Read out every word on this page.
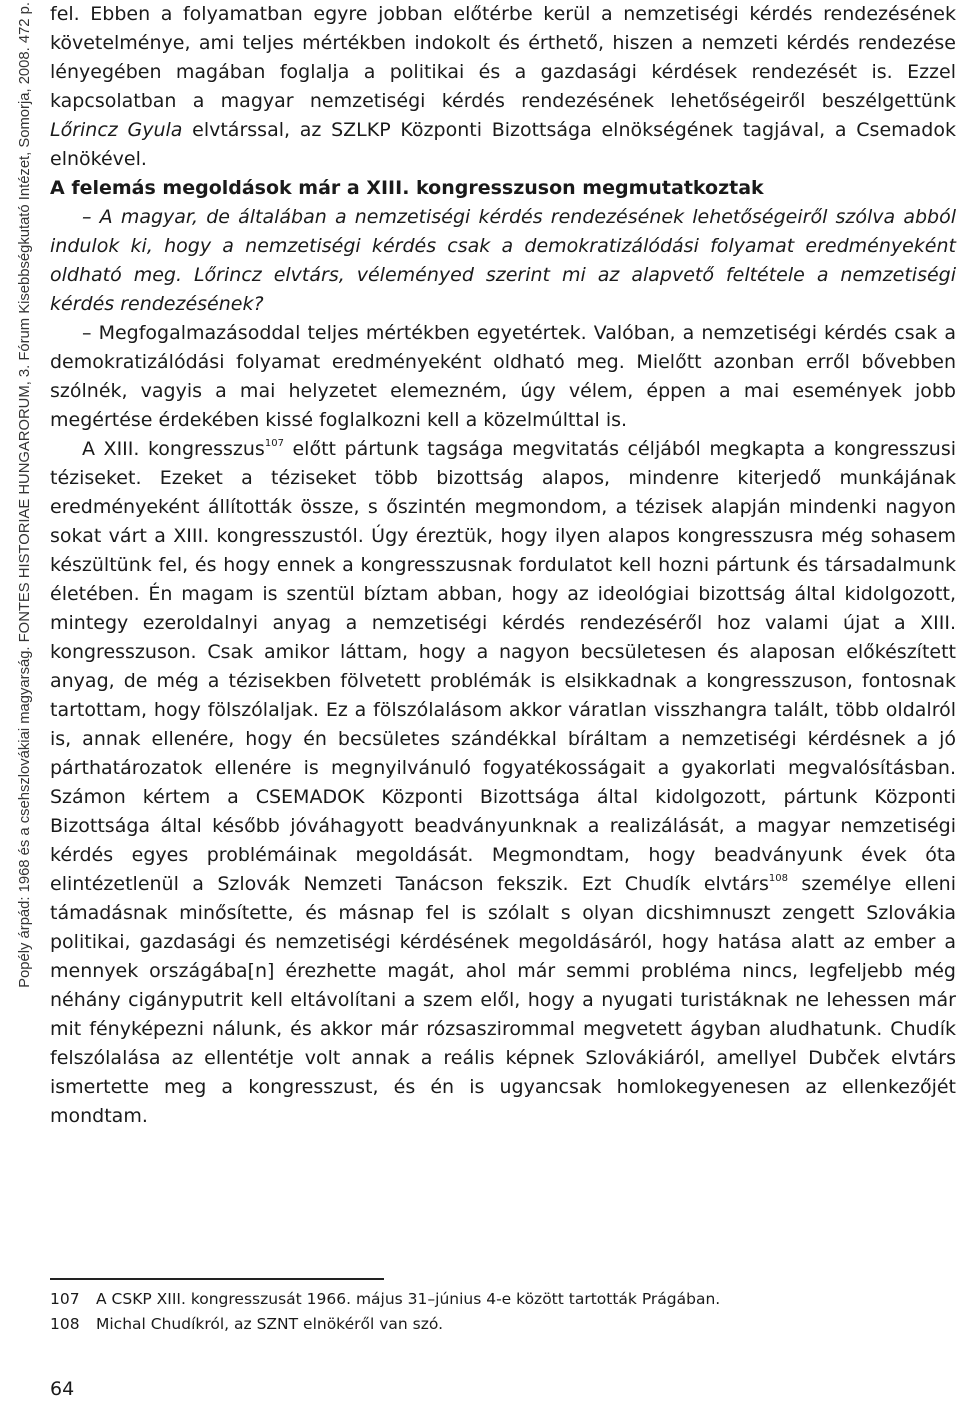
Popély árpád: 1968 és a csehszlovákiai magyarság. FONTES HISTORIAE HUNGARORUM, 3. Fórum Kisebbségkutató Intézet, Somorja, 2008. 472 p. fel. Ebben a folyamatban egyre jobban előtérbe kerül a nemzetiségi kérdés rendezésének követelménye, ami teljes mértékben indokolt és érthető, hiszen a nemzeti kérdés rendezése lényegében magában foglalja a politikai és a gazdasági kérdések rendezését is. Ezzel kapcsolatban a magyar nemzetiségi kérdés rendezésének lehetőségeiről beszélgettünk Lőrincz Gyula elvtárssal, az SZLKP Központi Bizottsága elnökségének tagjával, a Csemadok elnökével.

A felemás megoldások már a XIII. kongresszuson megmutatkoztak

– A magyar, de általában a nemzetiségi kérdés rendezésének lehetőségeiről szólva abból indulok ki, hogy a nemzetiségi kérdés csak a demokratizálódási folyamat eredményeként oldható meg. Lőrincz elvtárs, véleményed szerint mi az alapvető feltétele a nemzetiségi kérdés rendezésének?

– Megfogalmazásoddal teljes mértékben egyetértek. Valóban, a nemzetiségi kérdés csak a demokratizálódási folyamat eredményeként oldható meg. Mielőtt azonban erről bővebben szólnék, vagyis a mai helyzetet elemezném, úgy vélem, éppen a mai események jobb megértése érdekében kissé foglalkozni kell a közelmúlttal is.

A XIII. kongresszus$^{107}$ előtt pártunk tagsága megvitatás céljából megkapta a kongresszusi téziseket. Ezeket a téziseket több bizottság alapos, mindenre kiterjedő munkájának eredményeként állították össze, s őszintén megmondom, a tézisek alapján mindenki nagyon sokat várt a XIII. kongresszustól. Úgy éreztük, hogy ilyen alapos kongresszusra még sohasem készültünk fel, és hogy ennek a kongresszusnak fordulatot kell hozni pártunk és társadalmunk életében. Én magam is szentül bíztam abban, hogy az ideológiai bizottság által kidolgozott, mintegy ezeroldalnyi anyag a nemzetiségi kérdés rendezéséről hoz valami újat a XIII. kongresszuson. Csak amikor láttam, hogy a nagyon becsületesen és alaposan előkészített anyag, de még a tézisekben fölvetett problémák is elsikkadnak a kongresszuson, fontosnak tartottam, hogy fölszólaljak. Ez a fölszólalásom akkor váratlan visszhangra talált, több oldalról is, annak ellenére, hogy én becsületes szándékkal bíráltam a nemzetiségi kérdésnek a jó párthatározatok ellenére is megnyilvánuló fogyatékosságait a gyakorlati megvalósításban. Számon kértem a CSEMADOK Központi Bizottsága által kidolgozott, pártunk Központi Bizottsága által később jóváhagyott beadványunknak a realizálását, a magyar nemzetiségi kérdés egyes problémáinak megoldását. Megmondtam, hogy beadványunk évek óta elintézetlenül a Szlovák Nemzeti Tanácson fekszik. Ezt Chudík elvtárs$^{108}$ személye elleni támadásnak minősítette, és másnap fel is szólalt s olyan dicshimnuszt zengett Szlovákia politikai, gazdasági és nemzetiségi kérdésének megoldásáról, hogy hatása alatt az ember a mennyek országába[n] érezhette magát, ahol már semmi probléma nincs, legfeljebb még néhány cigányputrit kell eltávolítani a szem elől, hogy a nyugati turistáknak ne lehessen már mit fényképezni nálunk, és akkor már rózsaszirommal megvetett ágyban aludhatunk. Chudík felszólalása az ellentétje volt annak a reális képnek Szlovákiáról, amellyel Dubček elvtárs ismertette meg a kongresszust, és én is ugyancsak homlokegyenesen az ellenkezőjét mondtam.

107	A CSKP XIII. kongresszusát 1966. május 31–június 4-e között tartották Prágában.
108	Michal Chudíkról, az SZNT elnökéről van szó.
64
